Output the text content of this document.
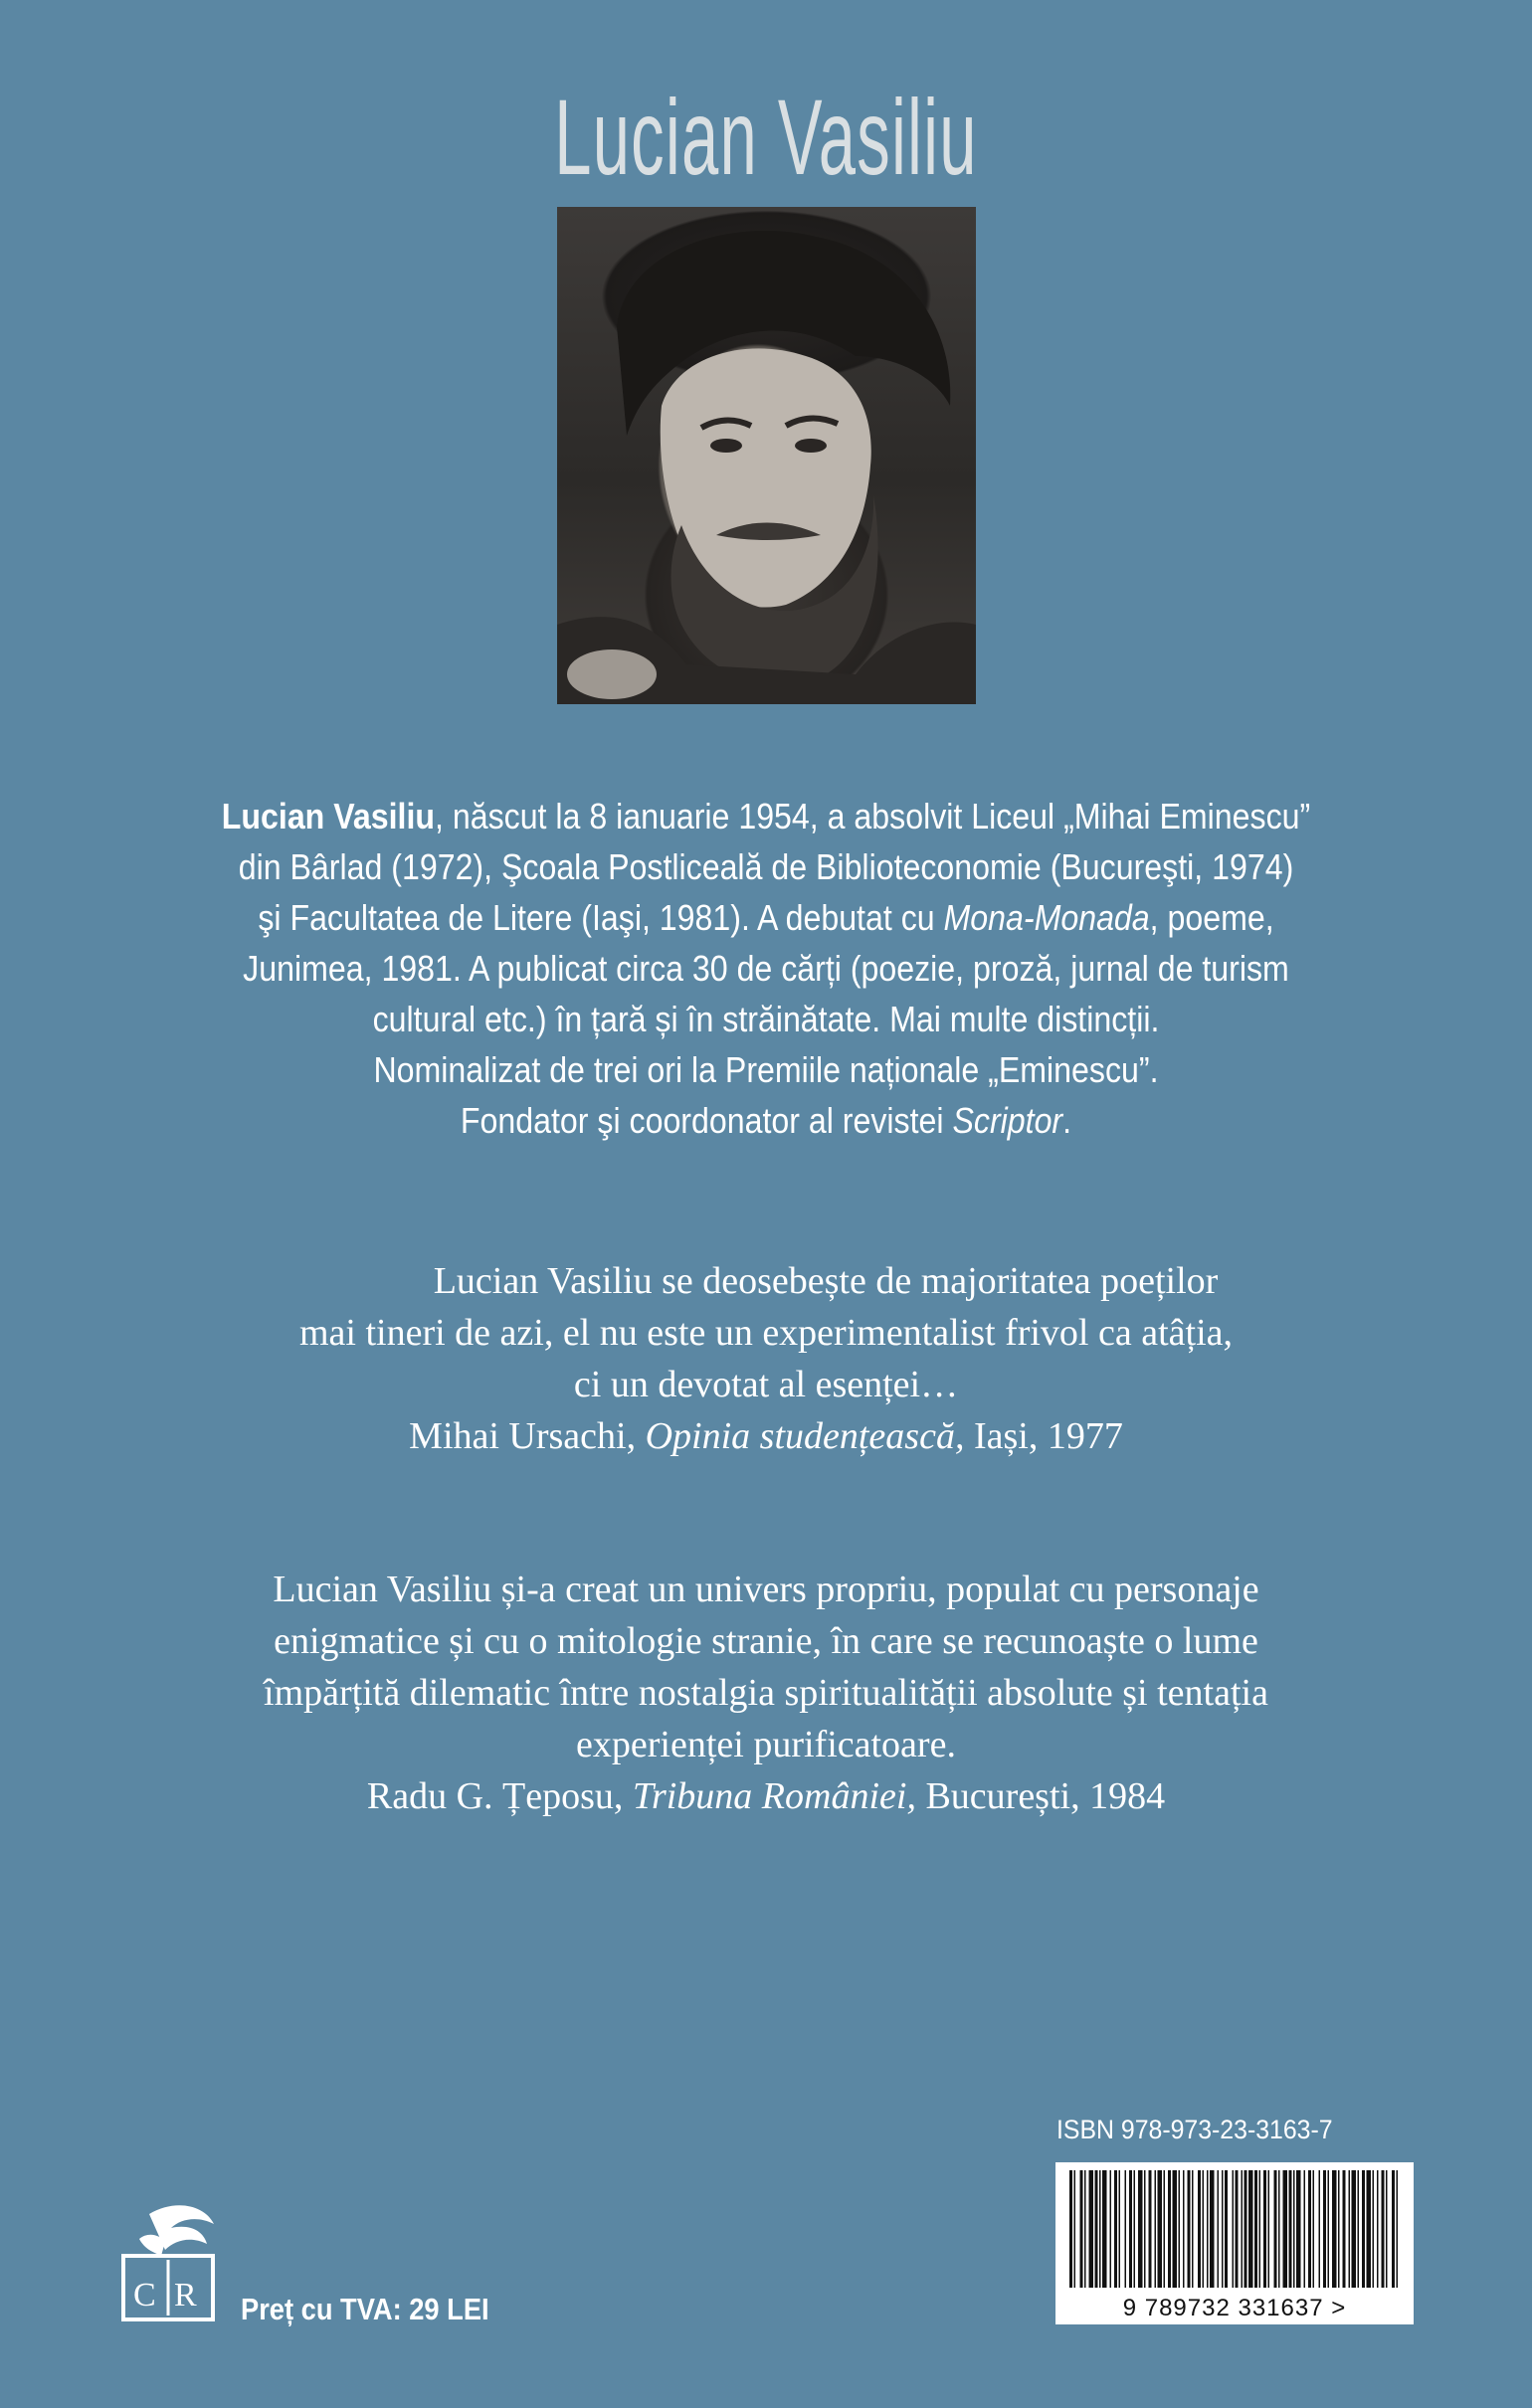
Lucian Vasiliu
Lucian Vasiliu, născut la 8 ianuarie 1954, a absolvit Liceul „Mihai Eminescu”
din Bârlad (1972), Şcoala Postliceală de Biblioteconomie (Bucureşti, 1974)
şi Facultatea de Litere (Iaşi, 1981). A debutat cu Mona-Monada, poeme,
Junimea, 1981. A publicat circa 30 de cărți (poezie, proză, jurnal de turism
cultural etc.) în țară și în străinătate. Mai multe distincții.
Nominalizat de trei ori la Premiile naționale „Eminescu”.
Fondator şi coordonator al revistei Scriptor.
Lucian Vasiliu se deosebește de majoritatea poeților
mai tineri de azi, el nu este un experimentalist frivol ca atâția,
ci un devotat al esenței…
Mihai Ursachi, Opinia studențească, Iași, 1977
Lucian Vasiliu și-a creat un univers propriu, populat cu personaje
enigmatice și cu o mitologie stranie, în care se recunoaște o lume
împărțită dilematic între nostalgia spiritualității absolute și tentația
experienței purificatoare.
Radu G. Țeposu, Tribuna României, București, 1984
ISBN 978-973-23-3163-7
9 789732 331637 >
C R Preț cu TVA: 29 LEI
